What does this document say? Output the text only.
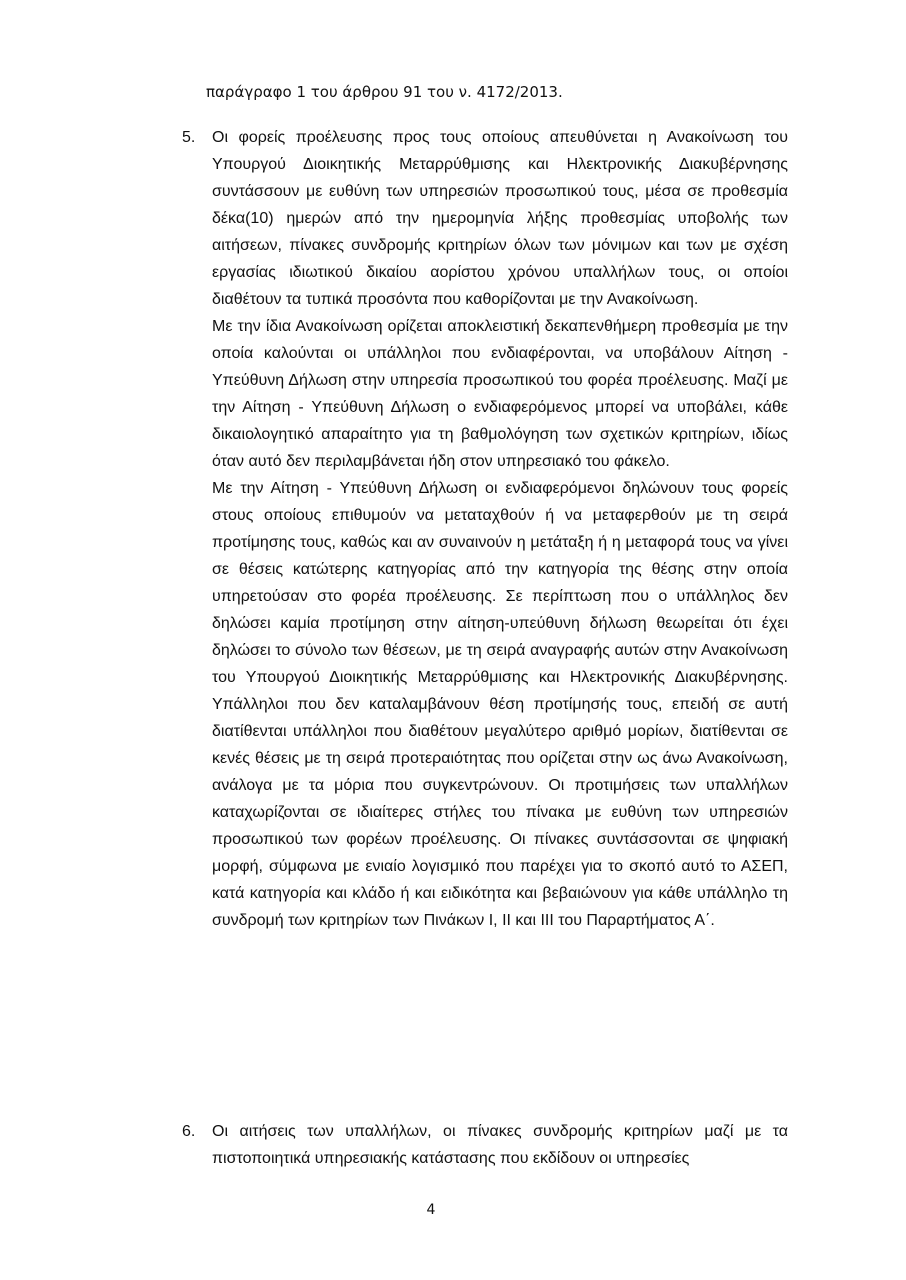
παράγραφο 1 του άρθρου 91 του ν. 4172/2013.
5. Οι φορείς προέλευσης προς τους οποίους απευθύνεται η Ανακοίνωση του Υπουργού Διοικητικής Μεταρρύθμισης και Ηλεκτρονικής Διακυβέρνησης συντάσσουν με ευθύνη των υπηρεσιών προσωπικού τους, μέσα σε προθεσμία δέκα(10) ημερών από την ημερομηνία λήξης προθεσμίας υποβολής των αιτήσεων, πίνακες συνδρομής κριτηρίων όλων των μόνιμων και των με σχέση εργασίας ιδιωτικού δικαίου αορίστου χρόνου υπαλλήλων τους, οι οποίοι διαθέτουν τα τυπικά προσόντα που καθορίζονται με την Ανακοίνωση.

Με την ίδια Ανακοίνωση ορίζεται αποκλειστική δεκαπενθήμερη προθεσμία με την οποία καλούνται οι υπάλληλοι που ενδιαφέρονται, να υποβάλουν Αίτηση - Υπεύθυνη Δήλωση στην υπηρεσία προσωπικού του φορέα προέλευσης. Μαζί με την Αίτηση - Υπεύθυνη Δήλωση ο ενδιαφερόμενος μπορεί να υποβάλει, κάθε δικαιολογητικό απαραίτητο για τη βαθμολόγηση των σχετικών κριτηρίων, ιδίως όταν αυτό δεν περιλαμβάνεται ήδη στον υπηρεσιακό του φάκελο.

Με την Αίτηση - Υπεύθυνη Δήλωση οι ενδιαφερόμενοι δηλώνουν τους φορείς στους οποίους επιθυμούν να μεταταχθούν ή να μεταφερθούν με τη σειρά προτίμησης τους, καθώς και αν συναινούν η μετάταξη ή η μεταφορά τους να γίνει σε θέσεις κατώτερης κατηγορίας από την κατηγορία της θέσης στην οποία υπηρετούσαν στο φορέα προέλευσης. Σε περίπτωση που ο υπάλληλος δεν δηλώσει καμία προτίμηση στην αίτηση-υπεύθυνη δήλωση θεωρείται ότι έχει δηλώσει το σύνολο των θέσεων, με τη σειρά αναγραφής αυτών στην Ανακοίνωση του Υπουργού Διοικητικής Μεταρρύθμισης και Ηλεκτρονικής Διακυβέρνησης. Υπάλληλοι που δεν καταλαμβάνουν θέση προτίμησής τους, επειδή σε αυτή διατίθενται υπάλληλοι που διαθέτουν μεγαλύτερο αριθμό μορίων, διατίθενται σε κενές θέσεις με τη σειρά προτεραιότητας που ορίζεται στην ως άνω Ανακοίνωση, ανάλογα με τα μόρια που συγκεντρώνουν. Οι προτιμήσεις των υπαλλήλων καταχωρίζονται σε ιδιαίτερες στήλες του πίνακα με ευθύνη των υπηρεσιών προσωπικού των φορέων προέλευσης. Οι πίνακες συντάσσονται σε ψηφιακή μορφή, σύμφωνα με ενιαίο λογισμικό που παρέχει για το σκοπό αυτό το ΑΣΕΠ, κατά κατηγορία και κλάδο ή και ειδικότητα και βεβαιώνουν για κάθε υπάλληλο τη συνδρομή των κριτηρίων των Πινάκων Ι, ΙΙ και ΙΙΙ του Παραρτήματος Α΄.

6. Οι αιτήσεις των υπαλλήλων, οι πίνακες συνδρομής κριτηρίων μαζί με τα πιστοποιητικά υπηρεσιακής κατάστασης που εκδίδουν οι υπηρεσίες

4
